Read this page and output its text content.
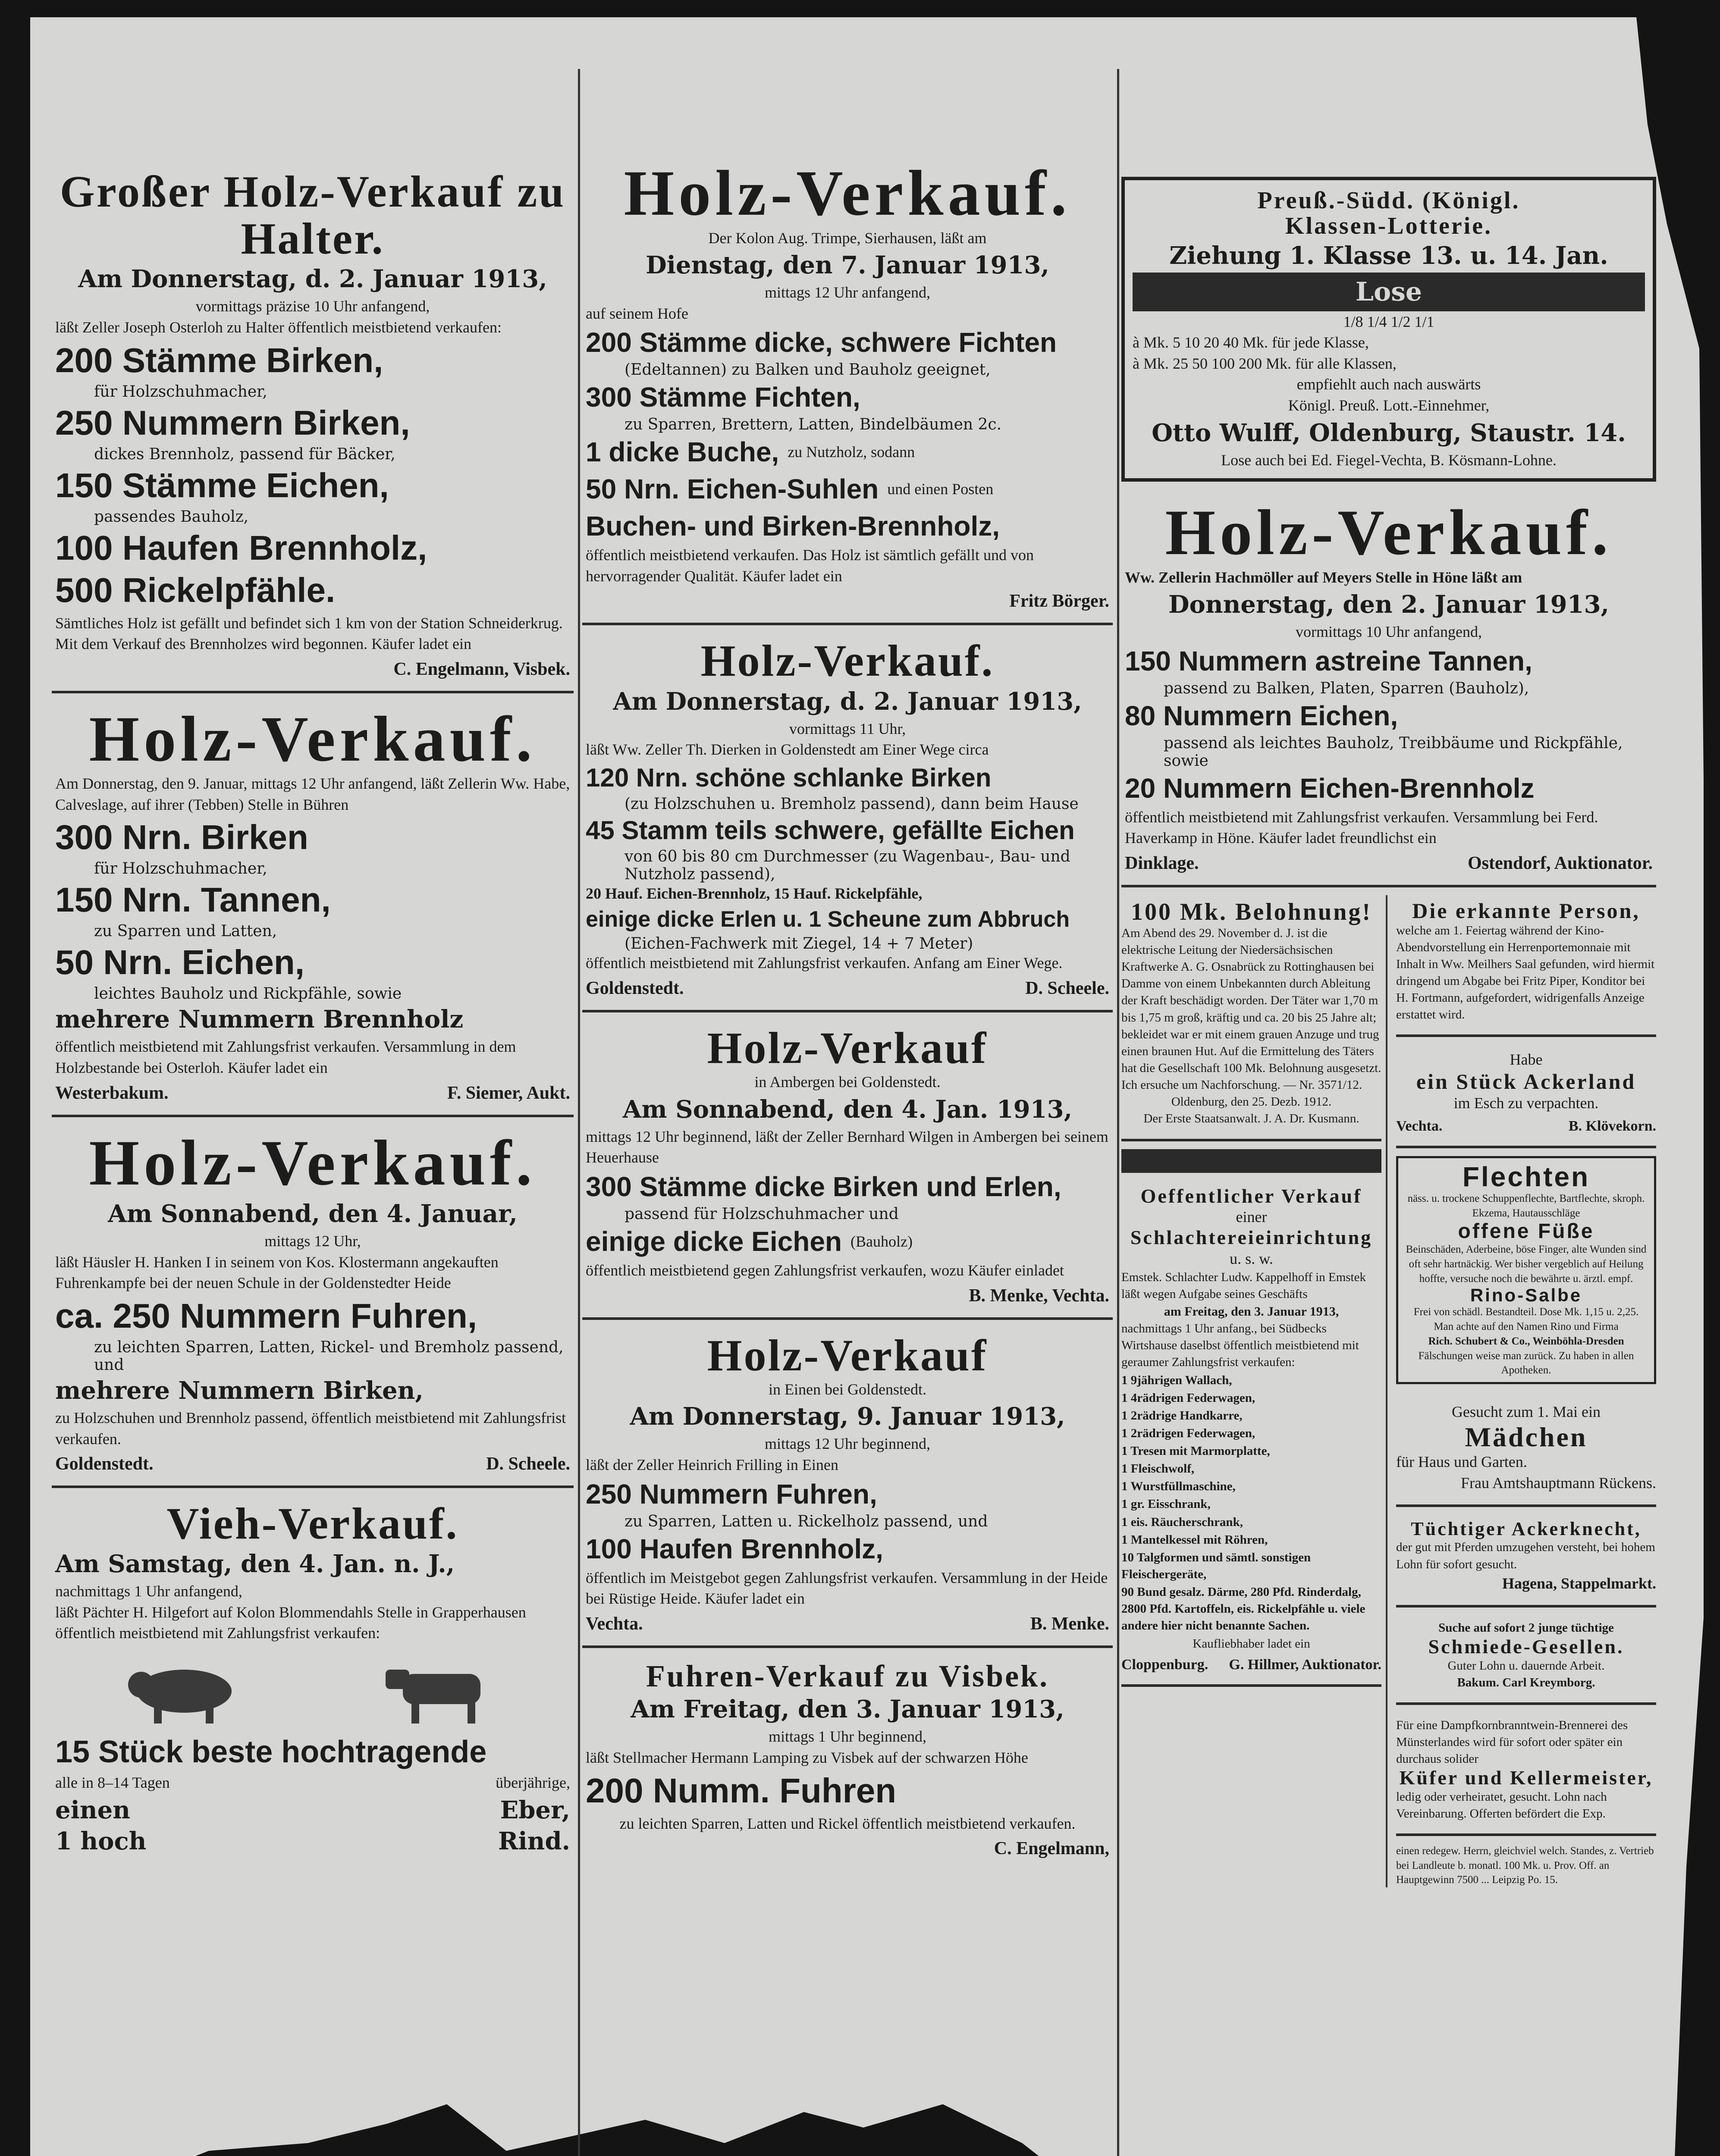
Großer Holz-Verkauf zu Halter.
Am Donnerstag, d. 2. Januar 1913,
vormittags präzise 10 Uhr anfangend,
läßt Zeller Joseph Osterloh zu Halter öffentlich meistbietend verkaufen:
200 Stämme Birken,
für Holzschuhmacher,
250 Nummern Birken,
dickes Brennholz, passend für Bäcker,
150 Stämme Eichen,
passendes Bauholz,
100 Haufen Brennholz,
500 Rickelpfähle.
Sämtliches Holz ist gefällt und befindet sich 1 km von der Station Schneiderkrug. Mit dem Verkauf des Brennholzes wird begonnen. Käufer ladet ein
C. Engelmann, Visbek.
Holz-Verkauf.
Am Donnerstag, den 9. Januar, mittags 12 Uhr anfangend, läßt Zellerin Ww. Habe, Calveslage, auf ihrer (Tebben) Stelle in Bühren
300 Nrn. Birken
für Holzschuhmacher,
150 Nrn. Tannen,
zu Sparren und Latten,
50 Nrn. Eichen,
leichtes Bauholz und Rickpfähle, sowie
mehrere Nummern Brennholz
öffentlich meistbietend mit Zahlungsfrist verkaufen. Versammlung in dem Holzbestande bei Osterloh. Käufer ladet ein
Westerbakum.	F. Siemer, Aukt.
Holz-Verkauf.
Am Sonnabend, den 4. Januar,
mittags 12 Uhr,
läßt Häusler H. Hanken I in seinem von Kos. Klostermann angekauften Fuhrenkampfe bei der neuen Schule in der Goldenstedter Heide
ca. 250 Nummern Fuhren,
zu leichten Sparren, Latten, Rickel- und Bremholz passend, und
mehrere Nummern Birken,
zu Holzschuhen und Brennholz passend, öffentlich meistbietend mit Zahlungsfrist verkaufen.
Goldenstedt.	D. Scheele.
Vieh-Verkauf.
Am Samstag, den 4. Jan. n. J.,
nachmittags 1 Uhr anfangend,
läßt Pächter H. Hilgefort auf Kolon Blommendahls Stelle in Grapperhausen öffentlich meistbietend mit Zahlungsfrist verkaufen:
15 Stück beste hochtragende
alle in 8–14 Tagen	überjährige,
einen	Eber,
1 hoch	Rind.
Holz-Verkauf.
Der Kolon Aug. Trimpe, Sierhausen, läßt am
Dienstag, den 7. Januar 1913,
mittags 12 Uhr anfangend,
auf seinem Hofe
200 Stämme dicke, schwere Fichten
(Edeltannen) zu Balken und Bauholz geeignet,
300 Stämme Fichten,
zu Sparren, Brettern, Latten, Bindelbäumen 2c.
1 dicke Buche, zu Nutzholz, sodann
50 Nrn. Eichen-Suhlen und einen Posten
Buchen- und Birken-Brennholz,
öffentlich meistbietend verkaufen. Das Holz ist sämtlich gefällt und von hervorragender Qualität. Käufer ladet ein
Fritz Börger.
Holz-Verkauf.
Am Donnerstag, d. 2. Januar 1913,
vormittags 11 Uhr,
läßt Ww. Zeller Th. Dierken in Goldenstedt am Einer Wege circa
120 Nrn. schöne schlanke Birken
(zu Holzschuhen u. Bremholz passend), dann beim Hause
45 Stamm teils schwere, gefällte Eichen
von 60 bis 80 cm Durchmesser (zu Wagenbau-, Bau- und Nutzholz passend),
20 Hauf. Eichen-Brennholz, 15 Hauf. Rickelpfähle,
einige dicke Erlen u. 1 Scheune zum Abbruch
(Eichen-Fachwerk mit Ziegel, 14 + 7 Meter)
öffentlich meistbietend mit Zahlungsfrist verkaufen. Anfang am Einer Wege.
Goldenstedt.	D. Scheele.
Holz-Verkauf
in Ambergen bei Goldenstedt.
Am Sonnabend, den 4. Jan. 1913,
mittags 12 Uhr beginnend, läßt der Zeller Bernhard Wilgen in Ambergen bei seinem Heuerhause
300 Stämme dicke Birken und Erlen,
passend für Holzschuhmacher und
einige dicke Eichen (Bauholz)
öffentlich meistbietend gegen Zahlungsfrist verkaufen, wozu Käufer einladet
B. Menke, Vechta.
Holz-Verkauf
in Einen bei Goldenstedt.
Am Donnerstag, 9. Januar 1913,
mittags 12 Uhr beginnend,
läßt der Zeller Heinrich Frilling in Einen
250 Nummern Fuhren,
zu Sparren, Latten u. Rickelholz passend, und
100 Haufen Brennholz,
öffentlich im Meistgebot gegen Zahlungsfrist verkaufen. Versammlung in der Heide bei Rüstige Heide. Käufer ladet ein
Vechta.	B. Menke.
Fuhren-Verkauf zu Visbek.
Am Freitag, den 3. Januar 1913,
mittags 1 Uhr beginnend,
läßt Stellmacher Hermann Lamping zu Visbek auf der schwarzen Höhe
200 Numm. Fuhren
zu leichten Sparren, Latten und Rickel öffentlich meistbietend verkaufen.
C. Engelmann,
Preuß.-Südd. (Königl.
Klassen-Lotterie.
Ziehung 1. Klasse 13. u. 14. Jan.
Lose
1/8 1/4 1/2 1/1
à Mk. 5 10 20 40 Mk. für jede Klasse,
à Mk. 25 50 100 200 Mk. für alle Klassen,
empfiehlt auch nach auswärts
Königl. Preuß. Lott.-Einnehmer,
Otto Wulff, Oldenburg, Staustr. 14.
Lose auch bei Ed. Fiegel-Vechta, B. Kösmann-Lohne.
Holz-Verkauf.
Ww. Zellerin Hachmöller auf Meyers Stelle in Höne läßt am
Donnerstag, den 2. Januar 1913,
vormittags 10 Uhr anfangend,
150 Nummern astreine Tannen,
passend zu Balken, Platen, Sparren (Bauholz),
80 Nummern Eichen,
passend als leichtes Bauholz, Treibbäume und Rickpfähle, sowie
20 Nummern Eichen-Brennholz
öffentlich meistbietend mit Zahlungsfrist verkaufen. Versammlung bei Ferd. Haverkamp in Höne. Käufer ladet freundlichst ein
Dinklage.	Ostendorf, Auktionator.
100 Mk. Belohnung!
Am Abend des 29. November d. J. ist die elektrische Leitung der Niedersächsischen Kraftwerke A. G. Osnabrück zu Rottinghausen bei Damme von einem Unbekannten durch Ableitung der Kraft beschädigt worden. Der Täter war 1,70 m bis 1,75 m groß, kräftig und ca. 20 bis 25 Jahre alt; bekleidet war er mit einem grauen Anzuge und trug einen braunen Hut. Auf die Ermittelung des Täters hat die Gesellschaft 100 Mk. Belohnung ausgesetzt. Ich ersuche um Nachforschung. — Nr. 3571/12.
Oldenburg, den 25. Dezb. 1912.
Der Erste Staatsanwalt. J. A. Dr. Kusmann.

Oeffentlicher Verkauf
einer
Schlachtereieinrichtung
u. s. w.
Emstek. Schlachter Ludw. Kappelhoff in Emstek läßt wegen Aufgabe seines Geschäfts
am Freitag, den 3. Januar 1913,
nachmittags 1 Uhr anfang., bei Südbecks Wirtshause daselbst öffentlich meistbietend mit geraumer Zahlungsfrist verkaufen:
1 9jährigen Wallach,
1 4rädrigen Federwagen,
1 2rädrige Handkarre,
1 2rädrigen Federwagen,
1 Tresen mit Marmorplatte,
1 Fleischwolf,
1 Wurstfüllmaschine,
1 gr. Eisschrank,
1 eis. Räucherschrank,
1 Mantelkessel mit Röhren,
10 Talgformen und sämtl. sonstigen Fleischergeräte,
90 Bund gesalz. Därme, 280 Pfd. Rinderdalg, 2800 Pfd. Kartoffeln, eis. Rickelpfähle u. viele andere hier nicht benannte Sachen.
Kaufliebhaber ladet ein
Cloppenburg. G. Hillmer, Auktionator.
Die erkannte Person,
welche am 1. Feiertag während der Kino-Abendvorstellung ein Herrenportemonnaie mit Inhalt in Ww. Meilhers Saal gefunden, wird hiermit dringend um Abgabe bei Fritz Piper, Konditor bei H. Fortmann, aufgefordert, widrigenfalls Anzeige erstattet wird.
Habe
ein Stück Ackerland
im Esch zu verpachten.
Vechta.	B. Klövekorn.
Flechten
näss. u. trockene Schuppenflechte, Bartflechte, skroph. Ekzema, Hautausschläge
offene Füße
Beinschäden, Aderbeine, böse Finger, alte Wunden sind oft sehr hartnäckig. Wer bisher vergeblich auf Heilung hoffte, versuche noch die bewährte u. ärztl. empf.
Rino-Salbe
Frei von schädl. Bestandteil. Dose Mk. 1,15 u. 2,25. Man achte auf den Namen Rino und Firma
Rich. Schubert & Co., Weinböhla-Dresden
Fälschungen weise man zurück. Zu haben in allen Apotheken.
Gesucht zum 1. Mai ein
Mädchen
für Haus und Garten.
Frau Amtshauptmann Rückens.
Tüchtiger Ackerknecht,
der gut mit Pferden umzugehen versteht, bei hohem Lohn für sofort gesucht.
Hagena, Stappelmarkt.
Suche auf sofort 2 junge tüchtige
Schmiede-Gesellen.
Guter Lohn u. dauernde Arbeit.
Bakum. Carl Kreymborg.
Für eine Dampfkornbranntwein-Brennerei des Münsterlandes wird für sofort oder später ein durchaus solider
Küfer und Kellermeister,
ledig oder verheiratet, gesucht. Lohn nach Vereinbarung. Offerten befördert die Exp.
einen redegew. Herrn, gleichviel welch. Standes, z. Vertrieb bei Landleute b. monatl. 100 Mk. u. Prov. Off. an Hauptgewinn 7500 ... Leipzig Po. 15.
